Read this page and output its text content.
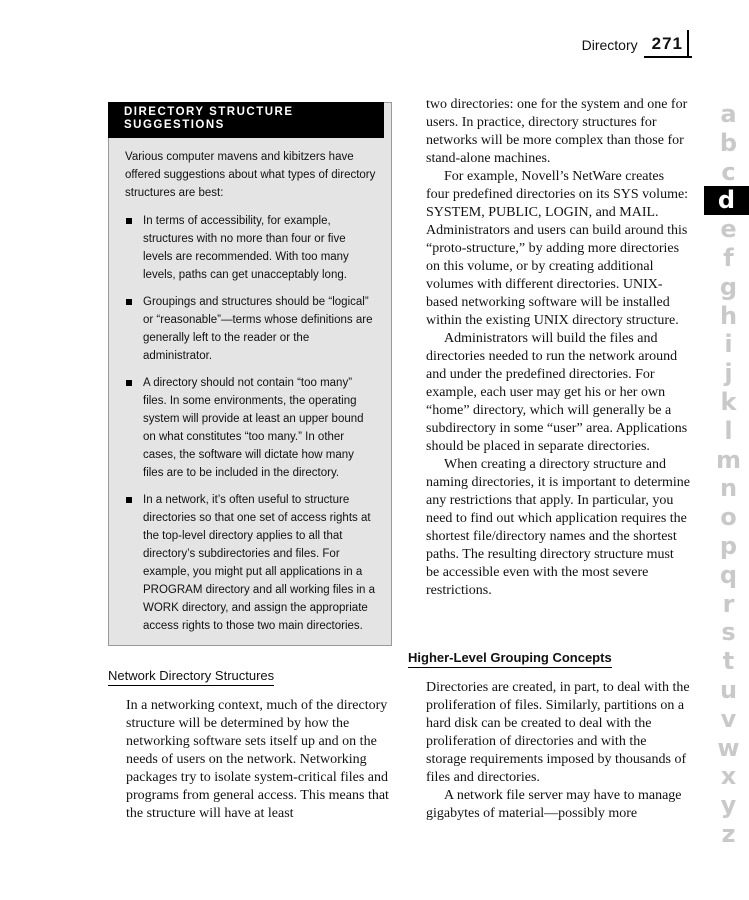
Directory 271
DIRECTORY STRUCTURE SUGGESTIONS
Various computer mavens and kibitzers have offered suggestions about what types of directory structures are best:
In terms of accessibility, for example, structures with no more than four or five levels are recommended. With too many levels, paths can get unacceptably long.
Groupings and structures should be “logical” or “reasonable”—terms whose definitions are generally left to the reader or the administrator.
A directory should not contain “too many” files. In some environments, the operating system will provide at least an upper bound on what constitutes “too many.” In other cases, the software will dictate how many files are to be included in the directory.
In a network, it’s often useful to structure directories so that one set of access rights at the top-level directory applies to all that directory’s subdirectories and files. For example, you might put all applications in a PROGRAM directory and all working files in a WORK directory, and assign the appropriate access rights to those two main directories.
Network Directory Structures

In a networking context, much of the directory structure will be determined by how the networking software sets itself up and on the needs of users on the network. Networking packages try to isolate system-critical files and programs from general access. This means that the structure will have at least

two directories: one for the system and one for users. In practice, directory structures for networks will be more complex than those for stand-alone machines.

For example, Novell’s NetWare creates four predefined directories on its SYS volume: SYSTEM, PUBLIC, LOGIN, and MAIL. Administrators and users can build around this “proto-structure,” by adding more directories on this volume, or by creating additional volumes with different directories. UNIX-based networking software will be installed within the existing UNIX directory structure.

Administrators will build the files and directories needed to run the network around and under the predefined directories. For example, each user may get his or her own “home” directory, which will generally be a subdirectory in some “user” area. Applications should be placed in separate directories.

When creating a directory structure and naming directories, it is important to determine any restrictions that apply. In particular, you need to find out which application requires the shortest file/directory names and the shortest paths. The resulting directory structure must be accessible even with the most severe restrictions.

Higher-Level Grouping Concepts

Directories are created, in part, to deal with the proliferation of files. Similarly, partitions on a hard disk can be created to deal with the proliferation of directories and with the storage requirements imposed by thousands of files and directories.

A network file server may have to manage gigabytes of material—possibly more

a
b
c
d
e
f
g
h
i
j
k
l
m
n
o
p
q
r
s
t
u
v
w
x
y
z
